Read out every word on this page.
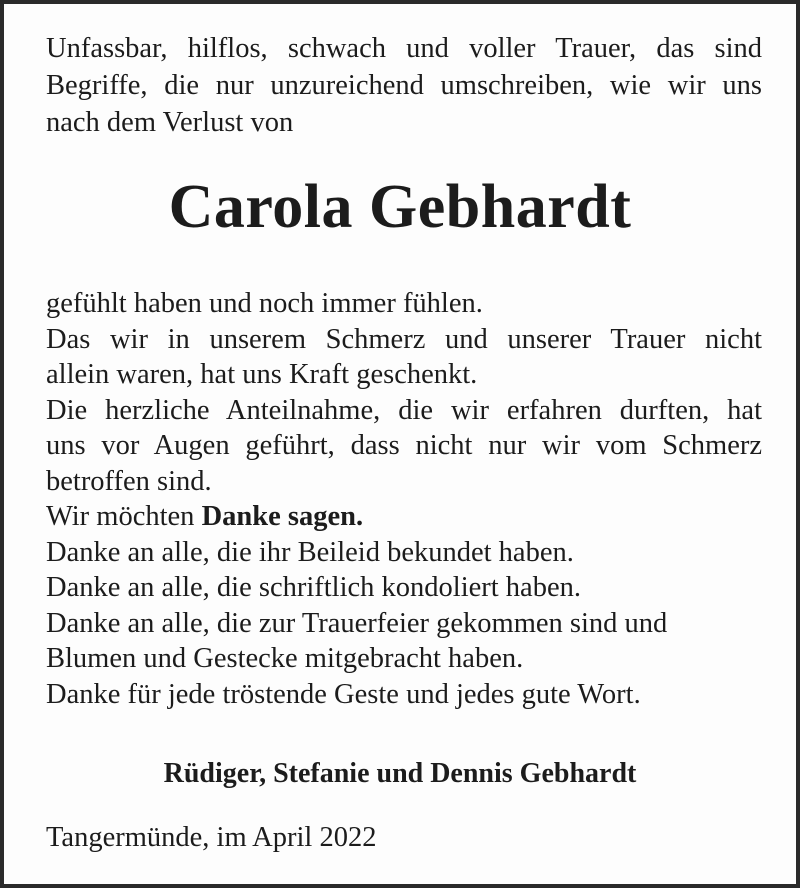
Unfassbar, hilflos, schwach und voller Trauer, das sind
Begriffe, die nur unzureichend umschreiben, wie wir uns
nach dem Verlust von
Carola Gebhardt
gefühlt haben und noch immer fühlen.
Das wir in unserem Schmerz und unserer Trauer nicht
allein waren, hat uns Kraft geschenkt.
Die herzliche Anteilnahme, die wir erfahren durften, hat
uns vor Augen geführt, dass nicht nur wir vom Schmerz
betroffen sind.
Wir möchten Danke sagen.
Danke an alle, die ihr Beileid bekundet haben.
Danke an alle, die schriftlich kondoliert haben.
Danke an alle, die zur Trauerfeier gekommen sind und
Blumen und Gestecke mitgebracht haben.
Danke für jede tröstende Geste und jedes gute Wort.
Rüdiger, Stefanie und Dennis Gebhardt
Tangermünde, im April 2022
